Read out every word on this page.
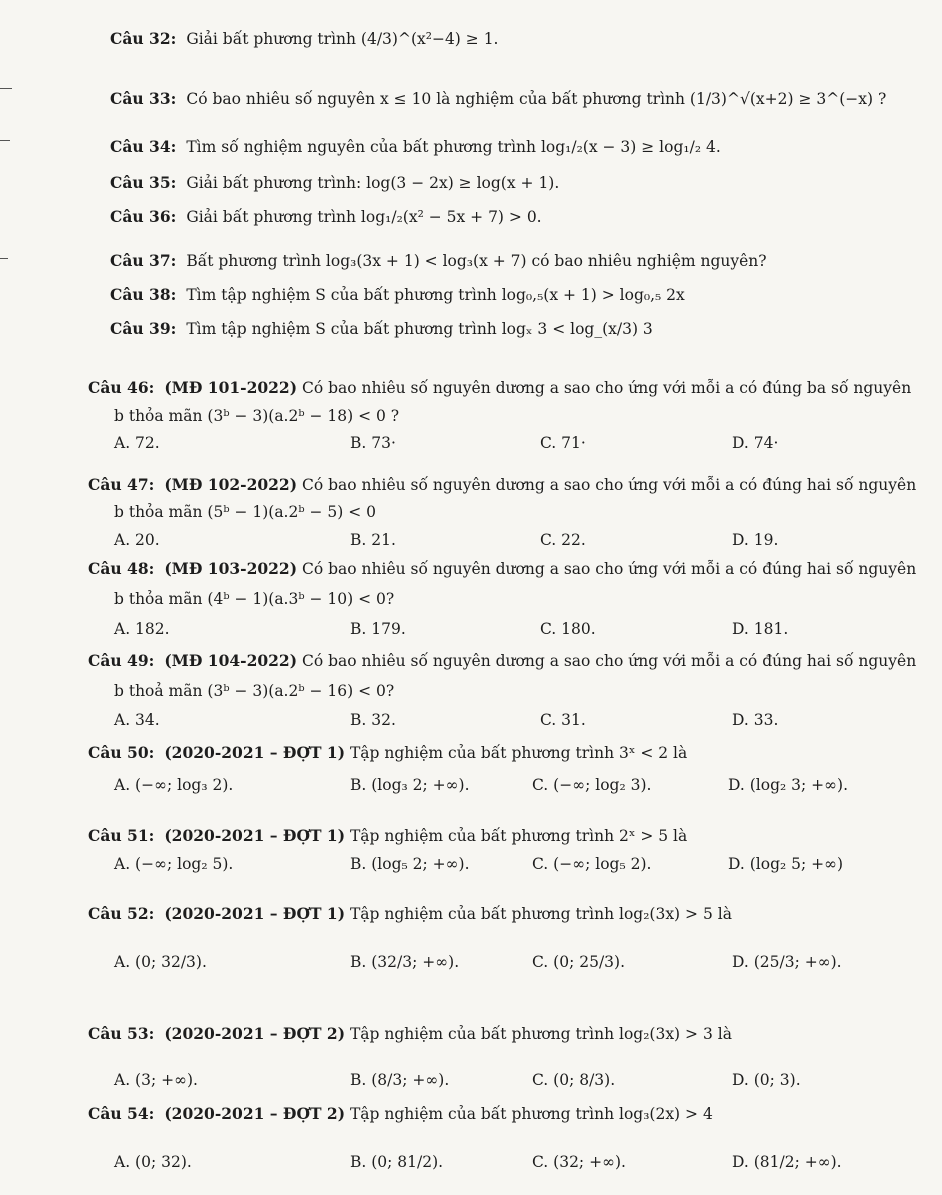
Câu 32: Giải bất phương trình (4/3)^(x²−4) ≥ 1.
Câu 33: Có bao nhiêu số nguyên x ≤ 10 là nghiệm của bất phương trình (1/3)^√(x+2) ≥ 3^(−x) ?
Câu 34: Tìm số nghiệm nguyên của bất phương trình log₁/₂(x − 3) ≥ log₁/₂ 4.
Câu 35: Giải bất phương trình: log(3 − 2x) ≥ log(x + 1).
Câu 36: Giải bất phương trình log₁/₂(x² − 5x + 7) > 0.
Câu 37: Bất phương trình log₃(3x + 1) < log₃(x + 7) có bao nhiêu nghiệm nguyên?
Câu 38: Tìm tập nghiệm S của bất phương trình log₀,₅(x + 1) > log₀,₅ 2x
Câu 39: Tìm tập nghiệm S của bất phương trình logₓ 3 < log_(x/3) 3
Câu 46: (MĐ 101-2022) Có bao nhiêu số nguyên dương a sao cho ứng với mỗi a có đúng ba số nguyên
b thỏa mãn (3ᵇ − 3)(a.2ᵇ − 18) < 0 ?
A. 72.	B. 73·	C. 71·	D. 74·
Câu 47: (MĐ 102-2022) Có bao nhiêu số nguyên dương a sao cho ứng với mỗi a có đúng hai số nguyên
b thỏa mãn (5ᵇ − 1)(a.2ᵇ − 5) < 0
A. 20.	B. 21.	C. 22.	D. 19.
Câu 48: (MĐ 103-2022) Có bao nhiêu số nguyên dương a sao cho ứng với mỗi a có đúng hai số nguyên
b thỏa mãn (4ᵇ − 1)(a.3ᵇ − 10) < 0?
A. 182.	B. 179.	C. 180.	D. 181.
Câu 49: (MĐ 104-2022) Có bao nhiêu số nguyên dương a sao cho ứng với mỗi a có đúng hai số nguyên
b thoả mãn (3ᵇ − 3)(a.2ᵇ − 16) < 0?
A. 34.	B. 32.	C. 31.	D. 33.
Câu 50: (2020-2021 – ĐỢT 1) Tập nghiệm của bất phương trình 3ˣ < 2 là
A. (−∞; log₃ 2).	B. (log₃ 2; +∞).	C. (−∞; log₂ 3).	D. (log₂ 3; +∞).
Câu 51: (2020-2021 – ĐỢT 1) Tập nghiệm của bất phương trình 2ˣ > 5 là
A. (−∞; log₂ 5).	B. (log₅ 2; +∞).	C. (−∞; log₅ 2).	D. (log₂ 5; +∞)
Câu 52: (2020-2021 – ĐỢT 1) Tập nghiệm của bất phương trình log₂(3x) > 5 là
A. (0; 32/3).	B. (32/3; +∞).	C. (0; 25/3).	D. (25/3; +∞).
Câu 53: (2020-2021 – ĐỢT 2) Tập nghiệm của bất phương trình log₂(3x) > 3 là
A. (3; +∞).	B. (8/3; +∞).	C. (0; 8/3).	D. (0; 3).
Câu 54: (2020-2021 – ĐỢT 2) Tập nghiệm của bất phương trình log₃(2x) > 4
A. (0; 32).	B. (0; 81/2).	C. (32; +∞).	D. (81/2; +∞).
